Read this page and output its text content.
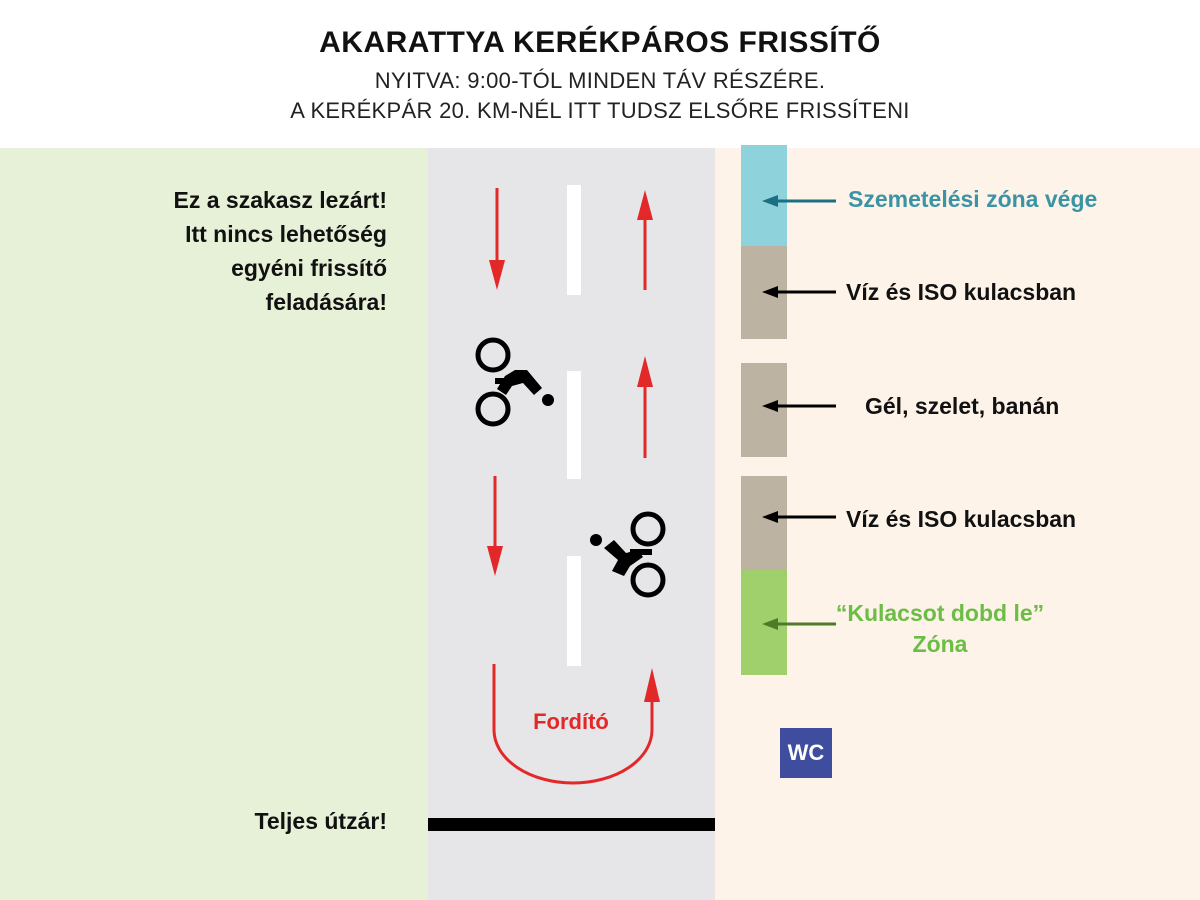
AKARATTYA KERÉKPÁROS FRISSÍTŐ
NYITVA: 9:00-TÓL MINDEN TÁV RÉSZÉRE.
A KERÉKPÁR 20. KM-NÉL ITT TUDSZ ELSŐRE FRISSÍTENI
Ez a szakasz lezárt!
Itt nincs lehetőség
egyéni frissítő
feladására!
Teljes útzár!
Szemetelési zóna vége
Víz és ISO kulacsban
Gél, szelet, banán
Víz és ISO kulacsban
“Kulacsot dobd le”
Zóna
WC
Fordító
